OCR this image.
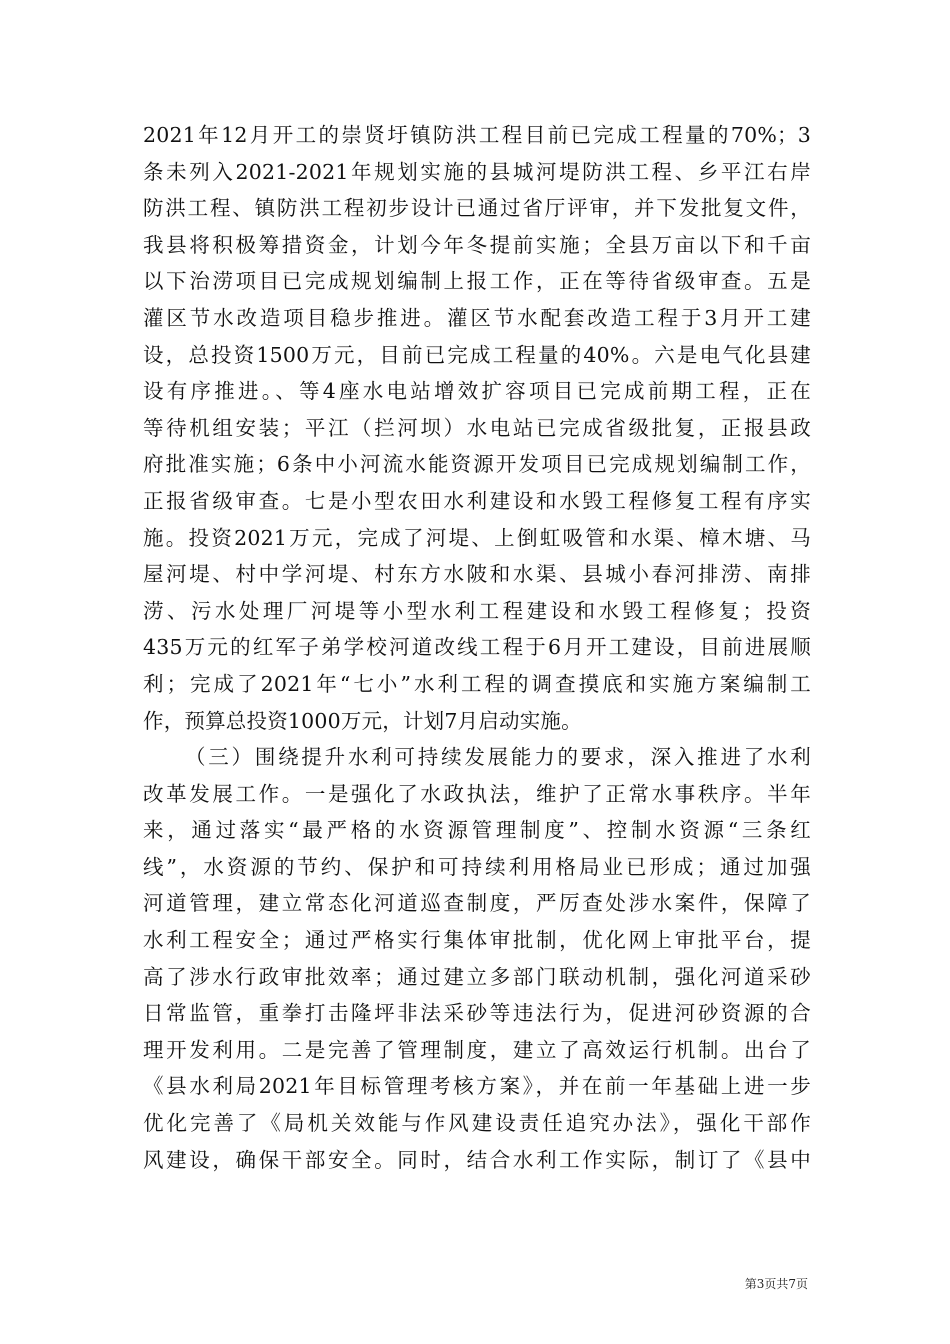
2021年12月开工的崇贤圩镇防洪工程目前已完成工程量的70%；3
条未列入2021-2021年规划实施的县城河堤防洪工程、乡平江右岸
防洪工程、镇防洪工程初步设计已通过省厅评审，并下发批复文件，
我县将积极筹措资金，计划今年冬提前实施；全县万亩以下和千亩
以下治涝项目已完成规划编制上报工作，正在等待省级审查。五是
灌区节水改造项目稳步推进。灌区节水配套改造工程于3月开工建
设，总投资1500万元，目前已完成工程量的40%。六是电气化县建
设有序推进。、等4座水电站增效扩容项目已完成前期工程，正在
等待机组安装；平江（拦河坝）水电站已完成省级批复，正报县政
府批准实施；6条中小河流水能资源开发项目已完成规划编制工作，
正报省级审查。七是小型农田水利建设和水毁工程修复工程有序实
施。投资2021万元，完成了河堤、上倒虹吸管和水渠、樟木塘、马
屋河堤、村中学河堤、村东方水陂和水渠、县城小春河排涝、南排
涝、污水处理厂河堤等小型水利工程建设和水毁工程修复；投资
435万元的红军子弟学校河道改线工程于6月开工建设，目前进展顺
利；完成了2021年“七小”水利工程的调查摸底和实施方案编制工
作，预算总投资1000万元，计划7月启动实施。
（三）围绕提升水利可持续发展能力的要求，深入推进了水利
改革发展工作。一是强化了水政执法，维护了正常水事秩序。半年
来，通过落实“最严格的水资源管理制度”、控制水资源“三条红
线”，水资源的节约、保护和可持续利用格局业已形成；通过加强
河道管理，建立常态化河道巡查制度，严厉查处涉水案件，保障了
水利工程安全；通过严格实行集体审批制，优化网上审批平台，提
高了涉水行政审批效率；通过建立多部门联动机制，强化河道采砂
日常监管，重拳打击隆坪非法采砂等违法行为，促进河砂资源的合
理开发利用。二是完善了管理制度，建立了高效运行机制。出台了
《县水利局2021年目标管理考核方案》，并在前一年基础上进一步
优化完善了《局机关效能与作风建设责任追究办法》，强化干部作
风建设，确保干部安全。同时，结合水利工作实际，制订了《县中
第3页共7页
